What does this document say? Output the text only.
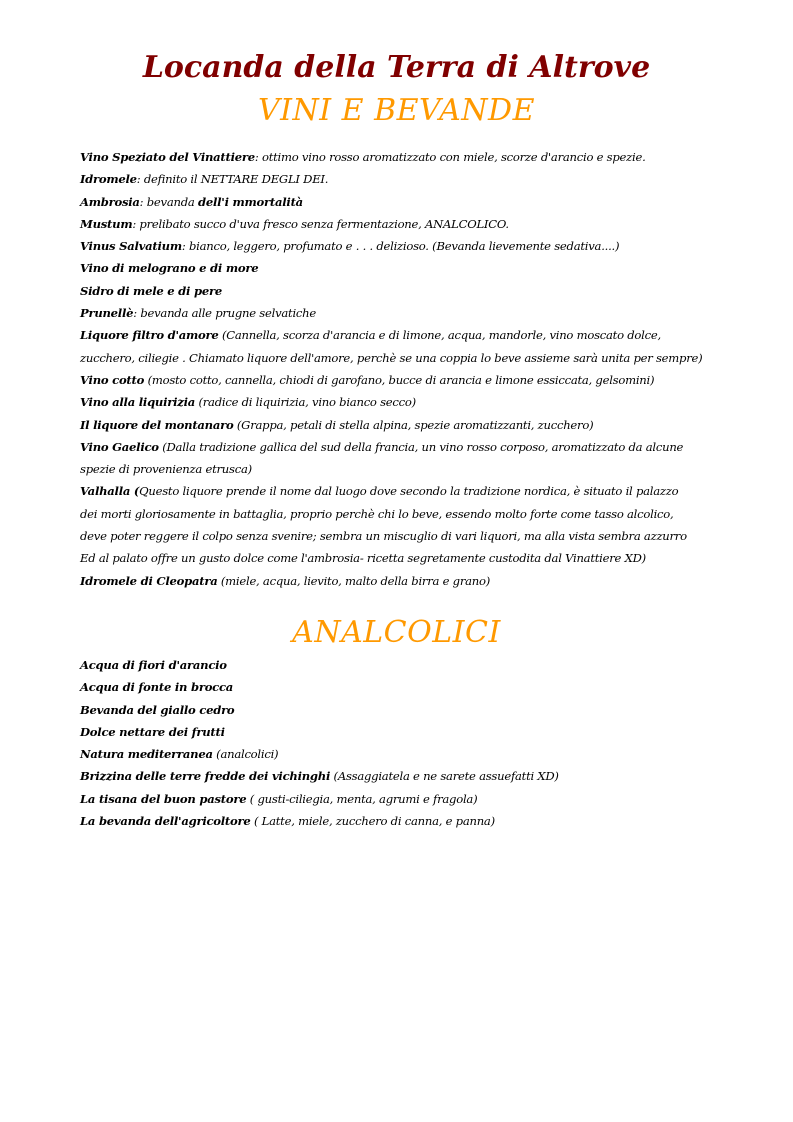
Locanda della Terra di Altrove
VINI E BEVANDE
Vino Speziato del Vinattiere: ottimo vino rosso aromatizzato con miele, scorze d'arancio e spezie.
Idromele: definito il NETTARE DEGLI DEI.
Ambrosia: bevanda dell'i mmortalità
Mustum: prelibato succo d'uva fresco senza fermentazione, ANALCOLICO.
Vinus Salvatium: bianco, leggero, profumato e . . . delizioso. (Bevanda lievemente sedativa....)
Vino di melograno e di more
Sidro di mele e di pere
Prunellè: bevanda alle prugne selvatiche
Liquore filtro d'amore (Cannella, scorza d'arancia e di limone, acqua, mandorle, vino moscato dolce,
zucchero, ciliegie . Chiamato liquore dell'amore, perchè se una coppia lo beve assieme sarà unita per sempre)
Vino cotto (mosto cotto, cannella, chiodi di garofano, bucce di arancia e limone essiccata, gelsomini)
Vino alla liquirizia (radice di liquirizia, vino bianco secco)
Il liquore del montanaro (Grappa, petali di stella alpina, spezie aromatizzanti, zucchero)
Vino Gaelico (Dalla tradizione gallica del sud della francia, un vino rosso corposo, aromatizzato da alcune
spezie di provenienza etrusca)
Valhalla (Questo liquore prende il nome dal luogo dove secondo la tradizione nordica, è situato il palazzo
dei morti gloriosamente in battaglia, proprio perchè chi lo beve, essendo molto forte come tasso alcolico,
deve poter reggere il colpo senza svenire; sembra un miscuglio di vari liquori, ma alla vista sembra azzurro
Ed al palato offre un gusto dolce come l'ambrosia- ricetta segretamente custodita dal Vinattiere XD)
Idromele di Cleopatra (miele, acqua, lievito, malto della birra e grano)
ANALCOLICI
Acqua di fiori d'arancio
Acqua di fonte in brocca
Bevanda del giallo cedro
Dolce nettare dei frutti
Natura mediterranea (analcolici)
Brizzina delle terre fredde dei vichinghi (Assaggiatela e ne sarete assuefatti XD)
La tisana del buon pastore ( gusti-ciliegia, menta, agrumi e fragola)
La bevanda dell'agricoltore ( Latte, miele, zucchero di canna, e panna)
